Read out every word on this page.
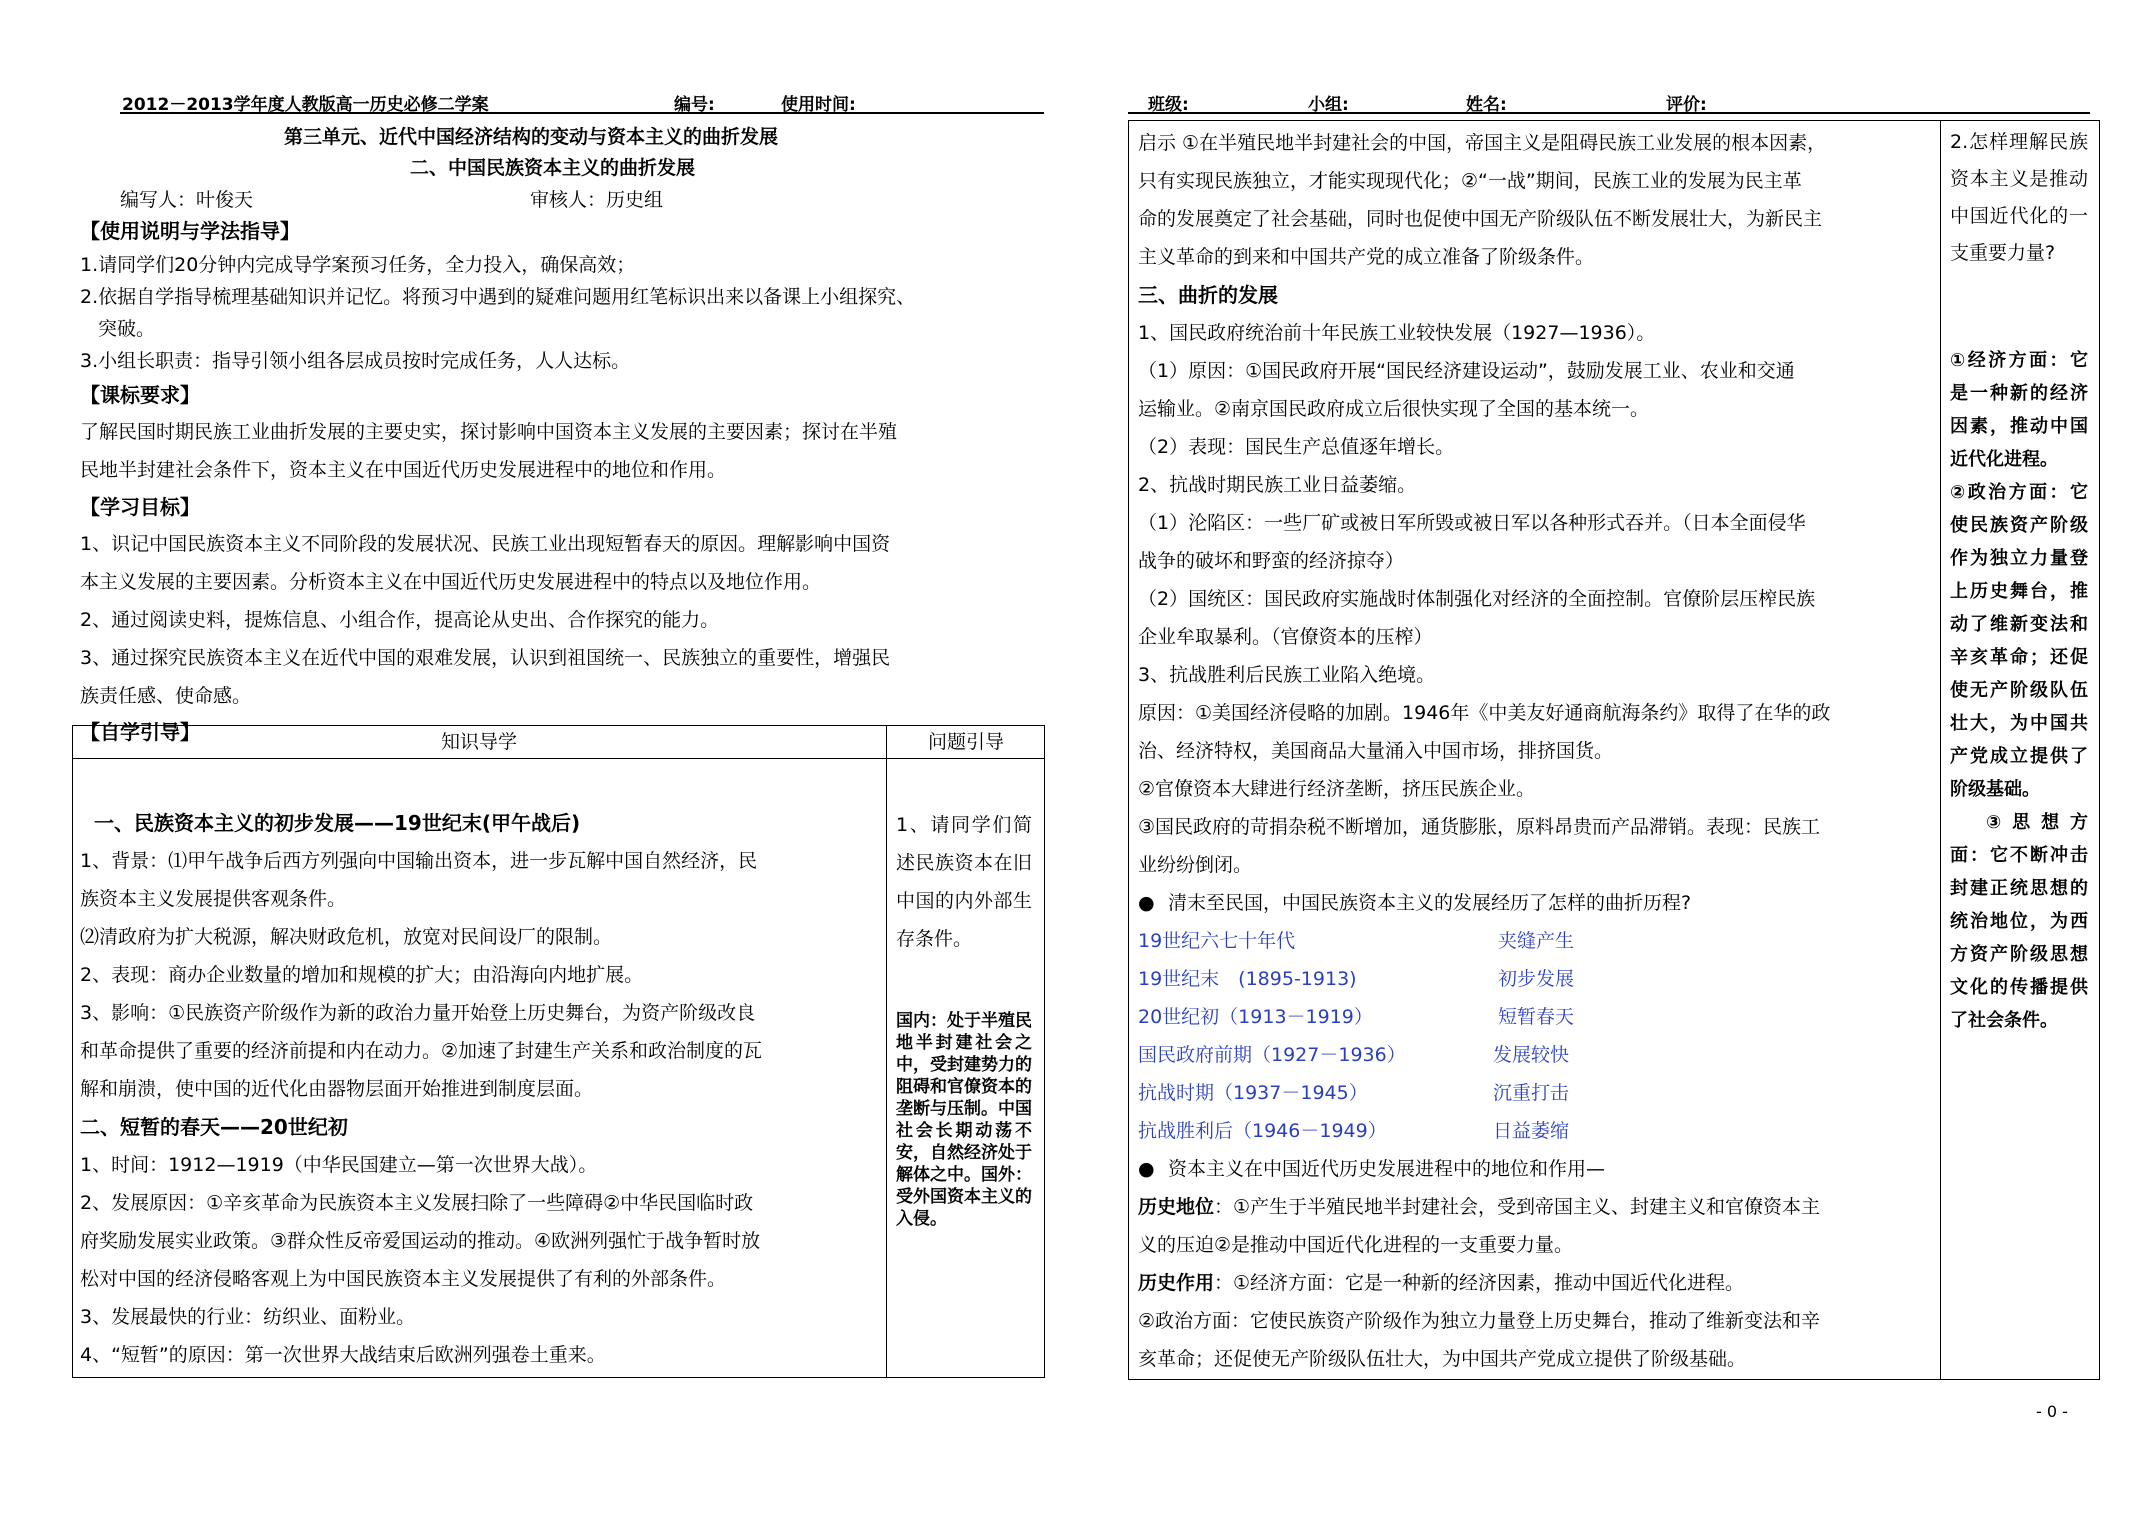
2012－2013学年度人教版高一历史必修二学案	编号:	使用时间:	班级:	小组:	姓名:	评价:
第三单元、近代中国经济结构的变动与资本主义的曲折发展
二、中国民族资本主义的曲折发展
编写人：叶俊天	审核人：历史组
【使用说明与学法指导】
1.请同学们20分钟内完成导学案预习任务，全力投入，确保高效；
2.依据自学指导梳理基础知识并记忆。将预习中遇到的疑难问题用红笔标识出来以备课上小组探究、
突破。
3.小组长职责：指导引领小组各层成员按时完成任务，人人达标。
【课标要求】
了解民国时期民族工业曲折发展的主要史实，探讨影响中国资本主义发展的主要因素；探讨在半殖
民地半封建社会条件下，资本主义在中国近代历史发展进程中的地位和作用。
【学习目标】
1、识记中国民族资本主义不同阶段的发展状况、民族工业出现短暂春天的原因。理解影响中国资
本主义发展的主要因素。分析资本主义在中国近代历史发展进程中的特点以及地位作用。
2、通过阅读史料，提炼信息、小组合作，提高论从史出、合作探究的能力。
3、通过探究民族资本主义在近代中国的艰难发展，认识到祖国统一、民族独立的重要性，增强民
族责任感、使命感。
【自学引导】	知识导学	问题引导
一、民族资本主义的初步发展——19世纪末(甲午战后)
1、背景：⑴甲午战争后西方列强向中国输出资本，进一步瓦解中国自然经济，民
族资本主义发展提供客观条件。
⑵清政府为扩大税源，解决财政危机，放宽对民间设厂的限制。
2、表现：商办企业数量的增加和规模的扩大；由沿海向内地扩展。
3、影响：①民族资产阶级作为新的政治力量开始登上历史舞台，为资产阶级改良
和革命提供了重要的经济前提和内在动力。②加速了封建生产关系和政治制度的瓦
解和崩溃，使中国的近代化由器物层面开始推进到制度层面。
二、短暂的春天——20世纪初
1、时间：1912—1919（中华民国建立—第一次世界大战）。
2、发展原因：①辛亥革命为民族资本主义发展扫除了一些障碍②中华民国临时政
府奖励发展实业政策。③群众性反帝爱国运动的推动。④欧洲列强忙于战争暂时放
松对中国的经济侵略客观上为中国民族资本主义发展提供了有利的外部条件。
3、发展最快的行业：纺织业、面粉业。
4、“短暂”的原因：第一次世界大战结束后欧洲列强卷土重来。
1、请同学们简述民族资本在旧中国的内外部生存条件。
国内：处于半殖民地半封建社会之中，受封建势力的阻碍和官僚资本的垄断与压制。中国社会长期动荡不安，自然经济处于解体之中。国外：受外国资本主义的入侵。
启示 ①在半殖民地半封建社会的中国，帝国主义是阻碍民族工业发展的根本因素，
只有实现民族独立，才能实现现代化；②“一战”期间，民族工业的发展为民主革
命的发展奠定了社会基础，同时也促使中国无产阶级队伍不断发展壮大，为新民主
主义革命的到来和中国共产党的成立准备了阶级条件。
三、曲折的发展
1、国民政府统治前十年民族工业较快发展（1927—1936）。
（1）原因：①国民政府开展“国民经济建设运动”，鼓励发展工业、农业和交通
运输业。②南京国民政府成立后很快实现了全国的基本统一。
（2）表现：国民生产总值逐年增长。
2、抗战时期民族工业日益萎缩。
（1）沦陷区：一些厂矿或被日军所毁或被日军以各种形式吞并。（日本全面侵华
战争的破坏和野蛮的经济掠夺）
（2）国统区：国民政府实施战时体制强化对经济的全面控制。官僚阶层压榨民族
企业牟取暴利。（官僚资本的压榨）
3、抗战胜利后民族工业陷入绝境。
原因：①美国经济侵略的加剧。1946年《中美友好通商航海条约》取得了在华的政
治、经济特权，美国商品大量涌入中国市场，排挤国货。
②官僚资本大肆进行经济垄断，挤压民族企业。
③国民政府的苛捐杂税不断增加，通货膨胀，原料昂贵而产品滞销。表现：民族工
业纷纷倒闭。
● 清末至民国，中国民族资本主义的发展经历了怎样的曲折历程?
19世纪六七十年代	夹缝产生
19世纪末　(1895-1913)	初步发展
20世纪初（1913－1919）	短暂春天
国民政府前期（1927－1936）	发展较快
抗战时期（1937－1945）	沉重打击
抗战胜利后（1946－1949）	日益萎缩
● 资本主义在中国近代历史发展进程中的地位和作用—
历史地位：①产生于半殖民地半封建社会，受到帝国主义、封建主义和官僚资本主
义的压迫②是推动中国近代化进程的一支重要力量。
历史作用：①经济方面：它是一种新的经济因素，推动中国近代化进程。
②政治方面：它使民族资产阶级作为独立力量登上历史舞台，推动了维新变法和辛
亥革命；还促使无产阶级队伍壮大，为中国共产党成立提供了阶级基础。
2.怎样理解民族资本主义是推动中国近代化的一支重要力量?
①经济方面：它是一种新的经济因素，推动中国近代化进程。
②政治方面：它使民族资产阶级作为独立力量登上历史舞台，推动了维新变法和辛亥革命；还促使无产阶级队伍壮大，为中国共产党成立提供了阶级基础。
③思想方面：它不断冲击封建正统思想的统治地位，为西方资产阶级思想文化的传播提供了社会条件。
- 0 -
